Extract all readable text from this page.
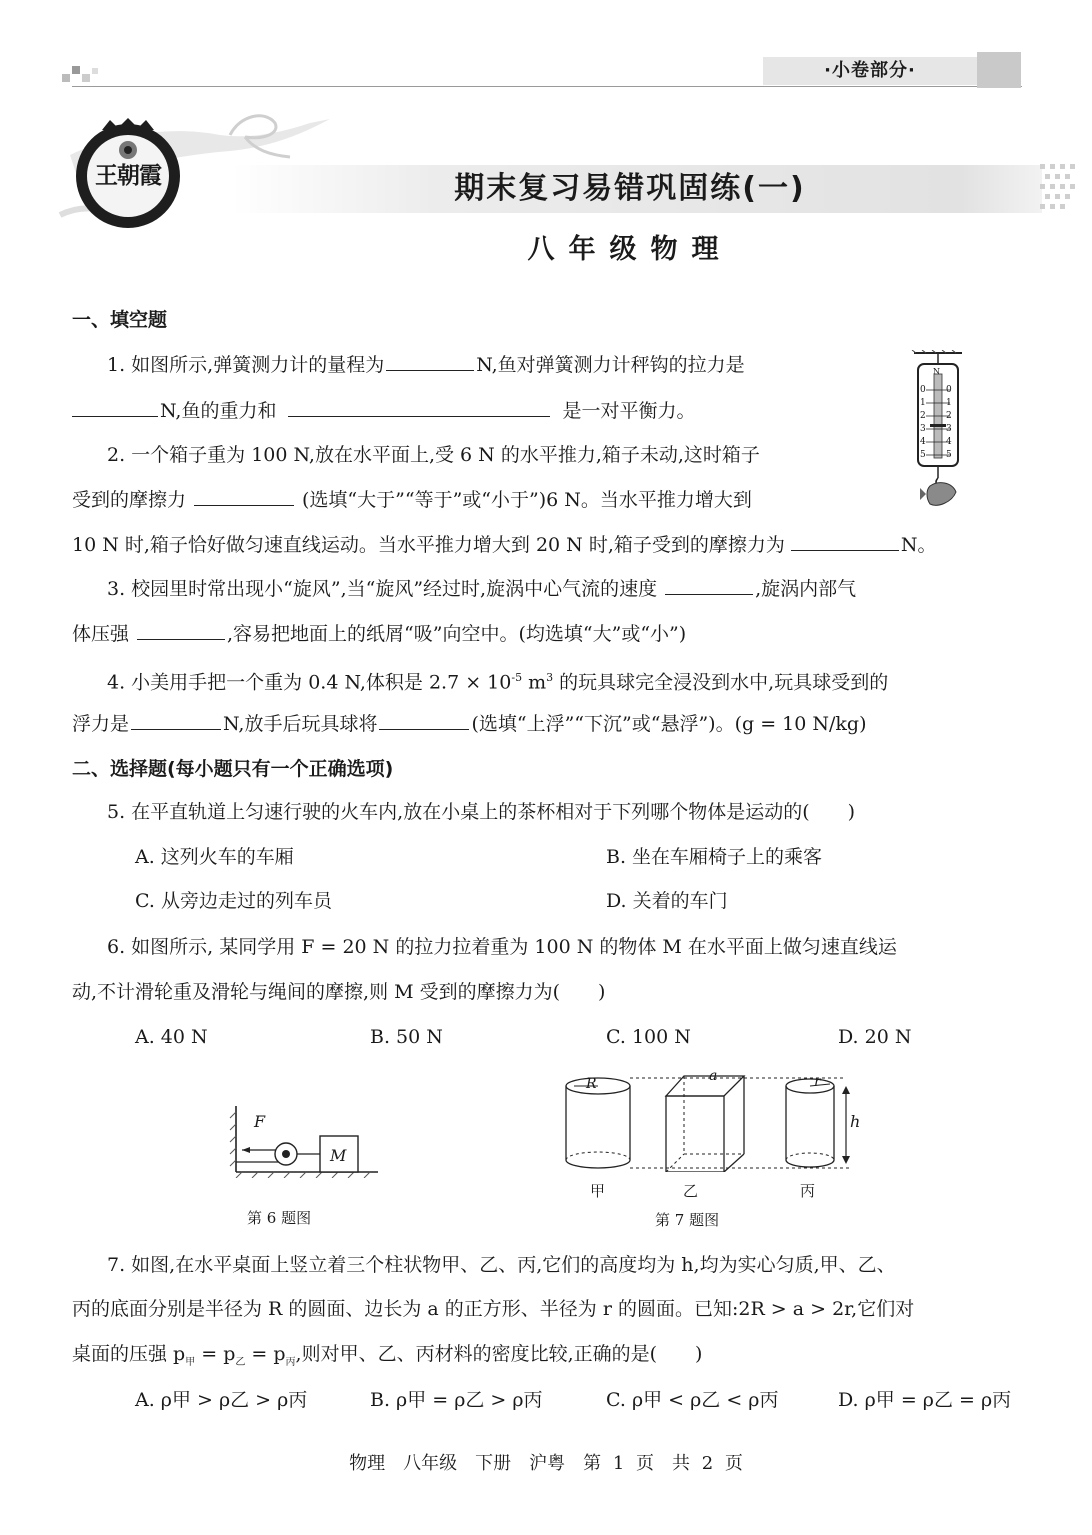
·小卷部分·
王朝霞	期末复习易错巩固练(一)
八年级物理
一、填空题
1. 如图所示,弹簧测力计的量程为	N,鱼对弹簧测力计秤钩的拉力是
N,鱼的重力和	是一对平衡力。
N
0
1
2
3
4
5
0
1
2
3
4
5
2. 一个箱子重为 100 N,放在水平面上,受 6 N 的水平推力,箱子未动,这时箱子
受到的摩擦力	(选填“大于”“等于”或“小于”)6 N。当水平推力增大到
10 N 时,箱子恰好做匀速直线运动。当水平推力增大到 20 N 时,箱子受到的摩擦力为	N。
3. 校园里时常出现小“旋风”,当“旋风”经过时,旋涡中心气流的速度	,旋涡内部气
体压强	,容易把地面上的纸屑“吸”向空中。(均选填“大”或“小”)
4. 小美用手把一个重为 0.4 N,体积是 $2.7 \times 10^{-5}$ $m^3$ 的玩具球完全浸没到水中,玩具球受到的
浮力是	N,放手后玩具球将	(选填“上浮”“下沉”或“悬浮”)。(g = 10 N/kg)
二、选择题(每小题只有一个正确选项)
5. 在平直轨道上匀速行驶的火车内,放在小桌上的茶杯相对于下列哪个物体是运动的(　　)
A. 这列火车的车厢	B. 坐在车厢椅子上的乘客
C. 从旁边走过的列车员	D. 关着的车门
6. 如图所示, 某同学用 F = 20 N 的拉力拉着重为 100 N 的物体 M 在水平面上做匀速直线运
动,不计滑轮重及滑轮与绳间的摩擦,则 M 受到的摩擦力为(　　)
A. 40 N	B. 50 N	C. 100 N	D. 20 N
F
M
第 6 题图
R	a	r
h
甲	乙	丙
第 7 题图
7. 如图,在水平桌面上竖立着三个柱状物甲、乙、丙,它们的高度均为 h,均为实心匀质,甲、乙、
丙的底面分别是半径为 R 的圆面、边长为 a 的正方形、半径为 r 的圆面。已知:2R > a > 2r,它们对
桌面的压强 $p_甲 = p_乙 = p_丙$,则对甲、乙、丙材料的密度比较,正确的是(　　)
A. ρ甲 > ρ乙 > ρ丙	B. ρ甲 = ρ乙 > ρ丙	C. ρ甲 < ρ乙 < ρ丙	D. ρ甲 = ρ乙 = ρ丙
物理　八年级　下册　沪粤　第 1 页　共 2 页
